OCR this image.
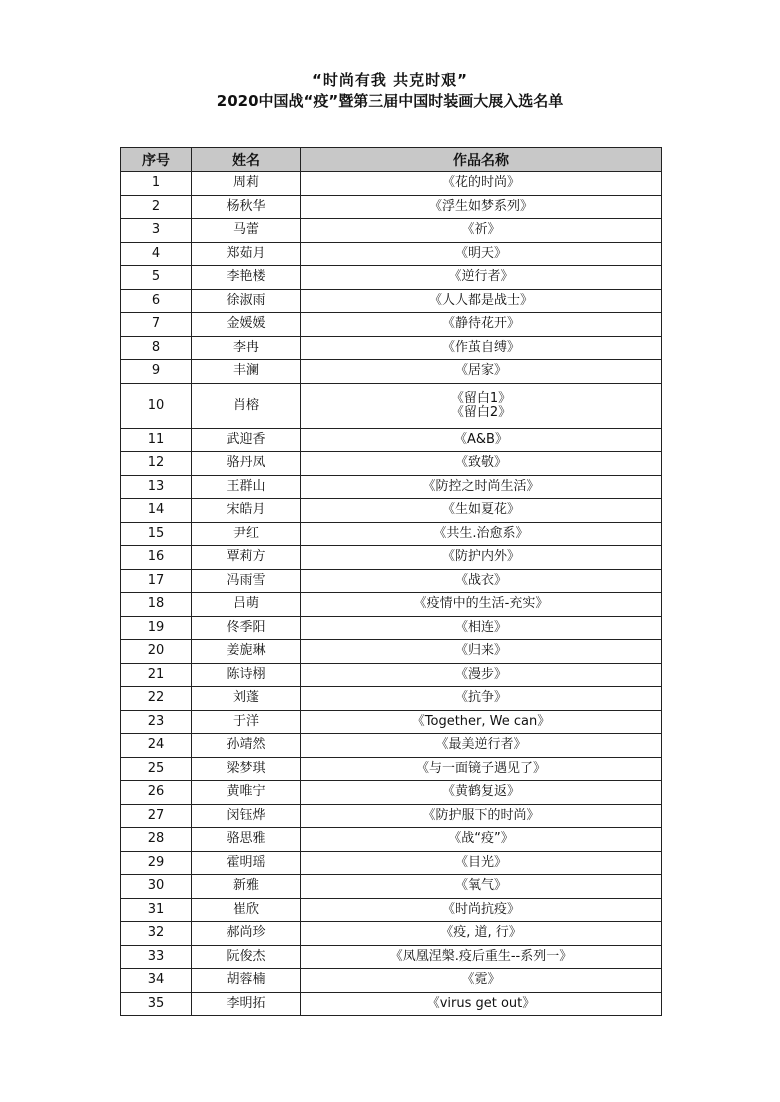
“时尚有我 共克时艰”
2020中国战“疫”暨第三届中国时装画大展入选名单
序号	姓名	作品名称
1	周莉	《花的时尚》

2	杨秋华	《浮生如梦系列》

3	马蕾	《祈》

4	郑茹月	《明天》

5	李艳楼	《逆行者》

6	徐淑雨	《人人都是战士》

7	金媛媛	《静待花开》

8	李冉	《作茧自缚》

9	丰澜	《居家》

10	肖榕	《留白1》
《留白2》

11	武迎香	《A&B》

12	骆丹凤	《致敬》

13	王群山	《防控之时尚生活》

14	宋皓月	《生如夏花》

15	尹红	《共生.治愈系》

16	覃莉方	《防护内外》

17	冯雨雪	《战衣》

18	吕萌	《疫情中的生活-充实》

19	佟季阳	《相连》

20	姜旎琳	《归来》

21	陈诗栩	《漫步》

22	刘蓬	《抗争》

23	于洋	《Together, We can》

24	孙靖然	《最美逆行者》

25	梁梦琪	《与一面镜子遇见了》

26	黄唯宁	《黄鹤复返》

27	闵钰烨	《防护服下的时尚》

28	骆思雅	《战“疫”》

29	霍明瑶	《目光》

30	新雅	《氧气》

31	崔欣	《时尚抗疫》

32	郝尚珍	《疫, 道, 行》

33	阮俊杰	《凤凰涅槃.疫后重生--系列一》

34	胡蓉楠	《霓》

35	李明拓	《virus get out》
